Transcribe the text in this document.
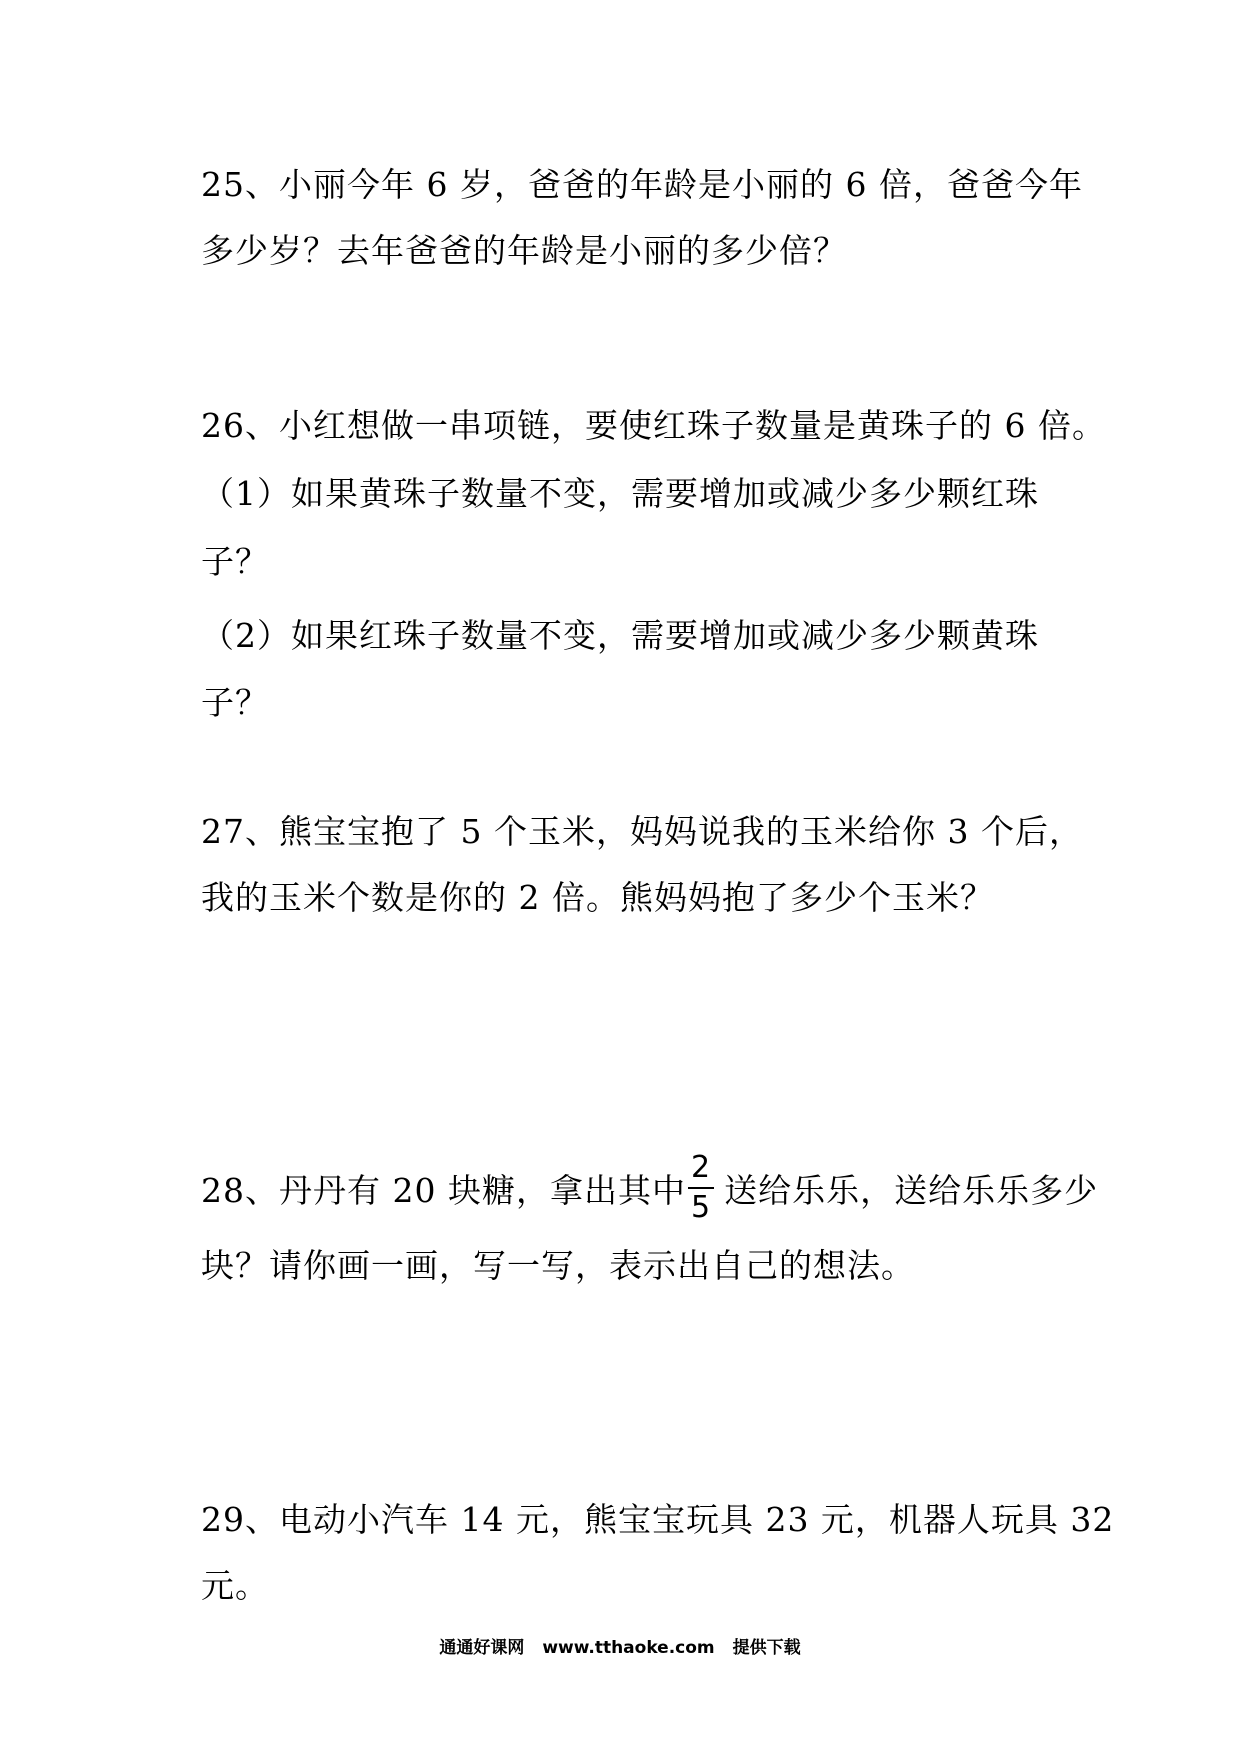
25、小丽今年 6 岁，爸爸的年龄是小丽的 6 倍，爸爸今年
多少岁？去年爸爸的年龄是小丽的多少倍？
26、小红想做一串项链，要使红珠子数量是黄珠子的 6 倍。
（1）如果黄珠子数量不变，需要增加或减少多少颗红珠
子？
（2）如果红珠子数量不变，需要增加或减少多少颗黄珠
子？
27、熊宝宝抱了 5 个玉米，妈妈说我的玉米给你 3 个后，
我的玉米个数是你的 2 倍。熊妈妈抱了多少个玉米？
28、丹丹有 20 块糖，拿出其中 $\frac{2}{5}$ 送给乐乐，送给乐乐多少
块？请你画一画，写一写，表示出自己的想法。
29、电动小汽车 14 元，熊宝宝玩具 23 元，机器人玩具 32
元。
通通好课网 www.tthaoke.com 提供下载
